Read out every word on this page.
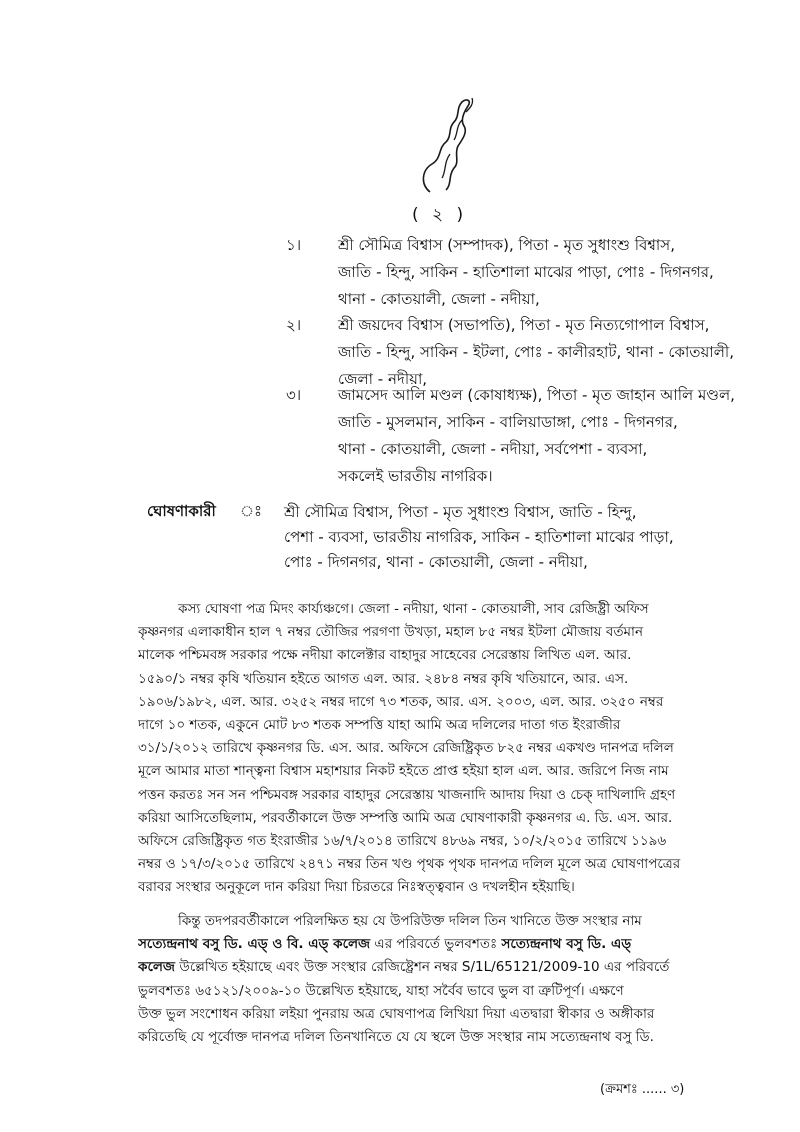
( ২ )
১। শ্রী সৌমিত্র বিশ্বাস (সম্পাদক), পিতা - মৃত সুধাংশু বিশ্বাস,
জাতি - হিন্দু, সাকিন - হাতিশালা মাঝের পাড়া, পোঃ - দিগনগর,
থানা - কোতয়ালী, জেলা - নদীয়া,
২। শ্রী জয়দেব বিশ্বাস (সভাপতি), পিতা - মৃত নিত্যগোপাল বিশ্বাস,
জাতি - হিন্দু, সাকিন - ইটলা, পোঃ - কালীরহাট, থানা - কোতয়ালী,
জেলা - নদীয়া,
৩। জামসেদ আলি মণ্ডল (কোষাধ্যক্ষ), পিতা - মৃত জাহান আলি মণ্ডল,
জাতি - মুসলমান, সাকিন - বালিয়াডাঙ্গা, পোঃ - দিগনগর,
থানা - কোতয়ালী, জেলা - নদীয়া, সর্বপেশা - ব্যবসা,
সকলেই ভারতীয় নাগরিক।
ঘোষণাকারী ঃ শ্রী সৌমিত্র বিশ্বাস, পিতা - মৃত সুধাংশু বিশ্বাস, জাতি - হিন্দু,
পেশা - ব্যবসা, ভারতীয় নাগরিক, সাকিন - হাতিশালা মাঝের পাড়া,
পোঃ - দিগনগর, থানা - কোতয়ালী, জেলা - নদীয়া,
কস্য ঘোষণা পত্র মিদং কার্য্যঞ্চগে। জেলা - নদীয়া, থানা - কোতয়ালী, সাব রেজিষ্ট্রী অফিস
কৃষ্ণনগর এলাকাধীন হাল ৭ নম্বর তৌজির পরগণা উখড়া, মহাল ৮৫ নম্বর ইটলা মৌজায় বর্তমান
মালেক পশ্চিমবঙ্গ সরকার পক্ষে নদীয়া কালেক্টার বাহাদুর সাহেবের সেরেস্তায় লিখিত এল. আর.
১৫৯০/১ নম্বর কৃষি খতিয়ান হইতে আগত এল. আর. ২৪৮৪ নম্বর কৃষি খতিয়ানে, আর. এস.
১৯০৬/১৯৮২, এল. আর. ৩২৫২ নম্বর দাগে ৭৩ শতক, আর. এস. ২০০৩, এল. আর. ৩২৫০ নম্বর
দাগে ১০ শতক, একুনে মোট ৮৩ শতক সম্পত্তি যাহা আমি অত্র দলিলের দাতা গত ইংরাজীর
৩১/১/২০১২ তারিখে কৃষ্ণনগর ডি. এস. আর. অফিসে রেজিষ্ট্রিকৃত ৮২৫ নম্বর একখণ্ড দানপত্র দলিল
মূলে আমার মাতা শান্ত্বনা বিশ্বাস মহাশয়ার নিকট হইতে প্রাপ্ত হইয়া হাল এল. আর. জরিপে নিজ নাম
পত্তন করতঃ সন সন পশ্চিমবঙ্গ সরকার বাহাদুর সেরেস্তায় খাজনাদি আদায় দিয়া ও চেক্ দাখিলাদি গ্রহণ
করিয়া আসিতেছিলাম, পরবর্তীকালে উক্ত সম্পত্তি আমি অত্র ঘোষণাকারী কৃষ্ণনগর এ. ডি. এস. আর.
অফিসে রেজিষ্ট্রিকৃত গত ইংরাজীর ১৬/৭/২০১৪ তারিখে ৪৮৬৯ নম্বর, ১০/২/২০১৫ তারিখে ১১৯৬
নম্বর ও ১৭/৩/২০১৫ তারিখে ২৪৭১ নম্বর তিন খণ্ড পৃথক পৃথক দানপত্র দলিল মূলে অত্র ঘোষণাপত্রের
বরাবর সংস্থার অনুকূলে দান করিয়া দিয়া চিরতরে নিঃস্বত্ত্ববান ও দখলহীন হইয়াছি।
কিন্তু তদপরবর্তীকালে পরিলক্ষিত হয় যে উপরিউক্ত দলিল তিন খানিতে উক্ত সংস্থার নাম
সত্যেন্দ্রনাথ বসু ডি. এড্ ও বি. এড্ কলেজ এর পরিবর্তে ভুলবশতঃ সত্যেন্দ্রনাথ বসু ডি. এড্
কলেজ উল্লেখিত হইয়াছে এবং উক্ত সংস্থার রেজিষ্ট্রেশন নম্বর S/1L/65121/2009-10 এর পরিবর্তে
ভুলবশতঃ ৬৫১২১/২০০৯-১০ উল্লেখিত হইয়াছে, যাহা সর্বৈব ভাবে ভুল বা ত্রুটিপূর্ণ। এক্ষণে
উক্ত ভুল সংশোধন করিয়া লইয়া পুনরায় অত্র ঘোষণাপত্র লিখিয়া দিয়া এতদ্বারা স্বীকার ও অঙ্গীকার
করিতেছি যে পূর্বোক্ত দানপত্র দলিল তিনখানিতে যে যে স্থলে উক্ত সংস্থার নাম সত্যেন্দ্রনাথ বসু ডি.
(ক্রমশঃ ...... ৩)
